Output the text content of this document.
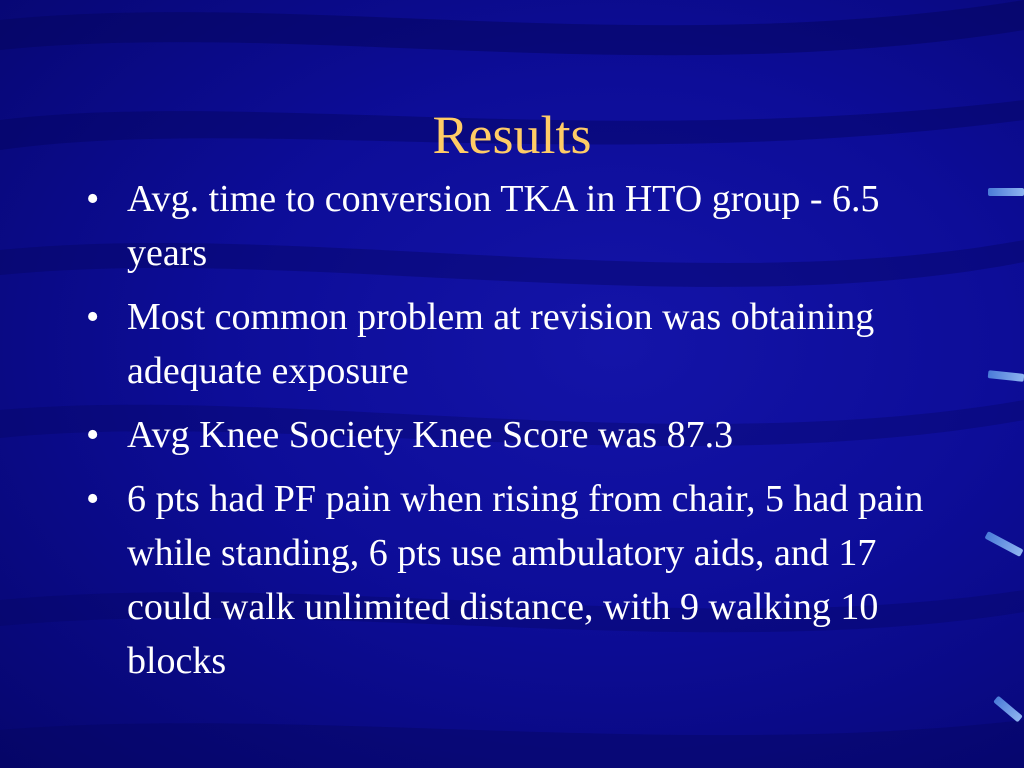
Results
• Avg. time to conversion TKA in HTO group - 6.5 years
• Most common problem at revision was obtaining adequate exposure
• Avg Knee Society Knee Score was 87.3
• 6 pts had PF pain when rising from chair, 5 had pain while standing, 6 pts use ambulatory aids, and 17 could walk unlimited distance, with 9 walking 10 blocks
